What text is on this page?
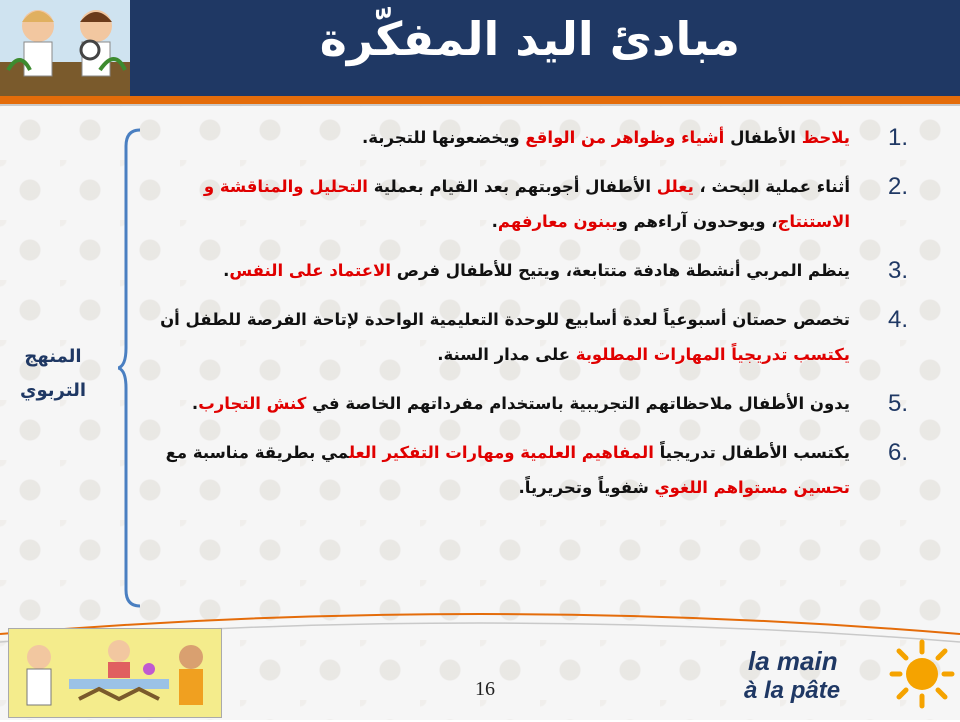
مبادئ اليد المفكّرة
المنهج
التربوي
1.
يلاحظ الأطفال أشياء وظواهر من الواقع ويخضعونها للتجربة.
2.
أثناء عملية البحث ، يعلل الأطفال أجوبتهم بعد القيام بعملية التحليل والمناقشة و الاستنتاج، ويوحدون آراءهم ويبنون معارفهم.
3.
ينظم المربي أنشطة هادفة متتابعة، ويتيح للأطفال فرص الاعتماد على النفس.
4.
تخصص حصتان أسبوعياً لعدة أسابيع للوحدة التعليمية الواحدة لإتاحة الفرصة للطفل أن يكتسب تدريجياً المهارات المطلوبة على مدار السنة.
5.
يدون الأطفال ملاحظاتهم التجريبية باستخدام مفرداتهم الخاصة في كنش التجارب.
6.
يكتسب الأطفال تدريجياً المفاهيم العلمية ومهارات التفكير العلمي بطريقة مناسبة مع تحسين مستواهم اللغوي شفوياً وتحريرياً.
16
la main
à la pâte
